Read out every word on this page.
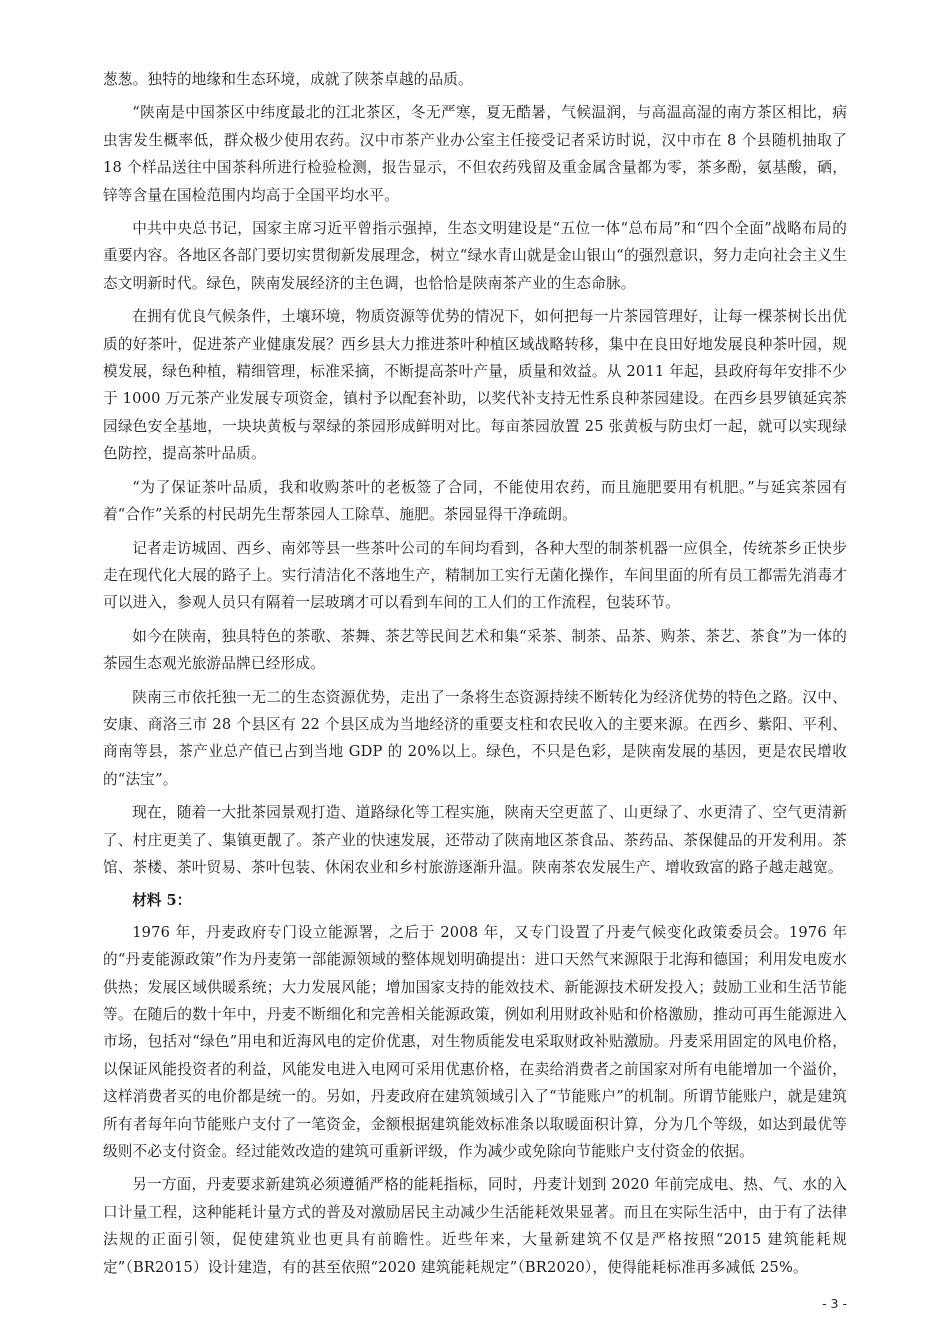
葱葱。独特的地缘和生态环境，成就了陕茶卓越的品质。

“陕南是中国茶区中纬度最北的江北茶区，冬无严寒，夏无酷暑，气候温润，与高温高湿的南方茶区相比，病虫害发生概率低，群众极少使用农药。汉中市茶产业办公室主任接受记者采访时说，汉中市在 8 个县随机抽取了 18 个样品送往中国茶科所进行检验检测，报告显示，不但农药残留及重金属含量都为零，茶多酚，氨基酸，硒，锌等含量在国检范围内均高于全国平均水平。

中共中央总书记，国家主席习近平曾指示强掉，生态文明建设是“五位一体“总布局”和“四个全面”战略布局的重要内容。各地区各部门要切实贯彻新发展理念，树立“绿水青山就是金山银山“的强烈意识，努力走向社会主义生态文明新时代。绿色，陕南发展经济的主色调，也恰恰是陕南茶产业的生态命脉。

在拥有优良气候条件，土壤环境，物质资源等优势的情况下，如何把每一片茶园管理好，让每一棵茶树长出优质的好茶叶，促进茶产业健康发展？西乡县大力推进茶叶种植区域战略转移，集中在良田好地发展良种茶叶园，规模发展，绿色种植，精细管理，标准采摘，不断提高茶叶产量，质量和效益。从 2011 年起，县政府每年安排不少于 1000 万元茶产业发展专项资金，镇村予以配套补助，以奖代补支持无性系良种茶园建设。在西乡县罗镇延宾茶园绿色安全基地，一块块黄板与翠绿的茶园形成鲜明对比。每亩茶园放置 25 张黄板与防虫灯一起，就可以实现绿色防控，提高茶叶品质。

“为了保证茶叶品质，我和收购茶叶的老板签了合同，不能使用农药，而且施肥要用有机肥。”与延宾茶园有着“合作”关系的村民胡先生帮茶园人工除草、施肥。茶园显得干净疏朗。

记者走访城固、西乡、南郊等县一些茶叶公司的车间均看到，各种大型的制茶机器一应俱全，传统茶乡正快步走在现代化大展的路子上。实行清洁化不落地生产，精制加工实行无菌化操作，车间里面的所有员工都需先消毒才可以进入，参观人员只有隔着一层玻璃才可以看到车间的工人们的工作流程，包装环节。

如今在陕南，独具特色的茶歌、茶舞、茶艺等民间艺术和集“采茶、制茶、品茶、购茶、茶艺、茶食”为一体的茶园生态观光旅游品牌已经形成。

陕南三市依托独一无二的生态资源优势，走出了一条将生态资源持续不断转化为经济优势的特色之路。汉中、安康、商洛三市 28 个县区有 22 个县区成为当地经济的重要支柱和农民收入的主要来源。在西乡、紫阳、平利、商南等县，茶产业总产值已占到当地 GDP 的 20%以上。绿色，不只是色彩，是陕南发展的基因，更是农民增收的“法宝”。

现在，随着一大批茶园景观打造、道路绿化等工程实施，陕南天空更蓝了、山更绿了、水更清了、空气更清新了、村庄更美了、集镇更靓了。茶产业的快速发展，还带动了陕南地区茶食品、茶药品、茶保健品的开发利用。茶馆、茶楼、茶叶贸易、茶叶包装、休闲农业和乡村旅游逐渐升温。陕南茶农发展生产、增收致富的路子越走越宽。

材料 5：

1976 年，丹麦政府专门设立能源署，之后于 2008 年，又专门设置了丹麦气候变化政策委员会。1976 年的“丹麦能源政策”作为丹麦第一部能源领域的整体规划明确提出：进口天然气来源限于北海和德国；利用发电废水供热；发展区域供暖系统；大力发展风能；增加国家支持的能效技术、新能源技术研发投入；鼓励工业和生活节能等。在随后的数十年中，丹麦不断细化和完善相关能源政策，例如利用财政补贴和价格激励，推动可再生能源进入市场，包括对“绿色”用电和近海风电的定价优惠，对生物质能发电采取财政补贴激励。丹麦采用固定的风电价格，以保证风能投资者的利益，风能发电进入电网可采用优惠价格，在卖给消费者之前国家对所有电能增加一个溢价，这样消费者买的电价都是统一的。另如，丹麦政府在建筑领域引入了“节能账户”的机制。所谓节能账户，就是建筑所有者每年向节能账户支付了一笔资金，金额根据建筑能效标准条以取暖面积计算，分为几个等级，如达到最优等级则不必支付资金。经过能效改造的建筑可重新评级，作为减少或免除向节能账户支付资金的依据。

另一方面，丹麦要求新建筑必须遵循严格的能耗指标，同时，丹麦计划到 2020 年前完成电、热、气、水的入口计量工程，这种能耗计量方式的普及对激励居民主动减少生活能耗效果显著。而且在实际生活中，由于有了法律法规的正面引领，促使建筑业也更具有前瞻性。近些年来，大量新建筑不仅是严格按照“2015 建筑能耗规定”（BR2015）设计建造，有的甚至依照“2020 建筑能耗规定”（BR2020），使得能耗标准再多减低 25%。

- 3 -
